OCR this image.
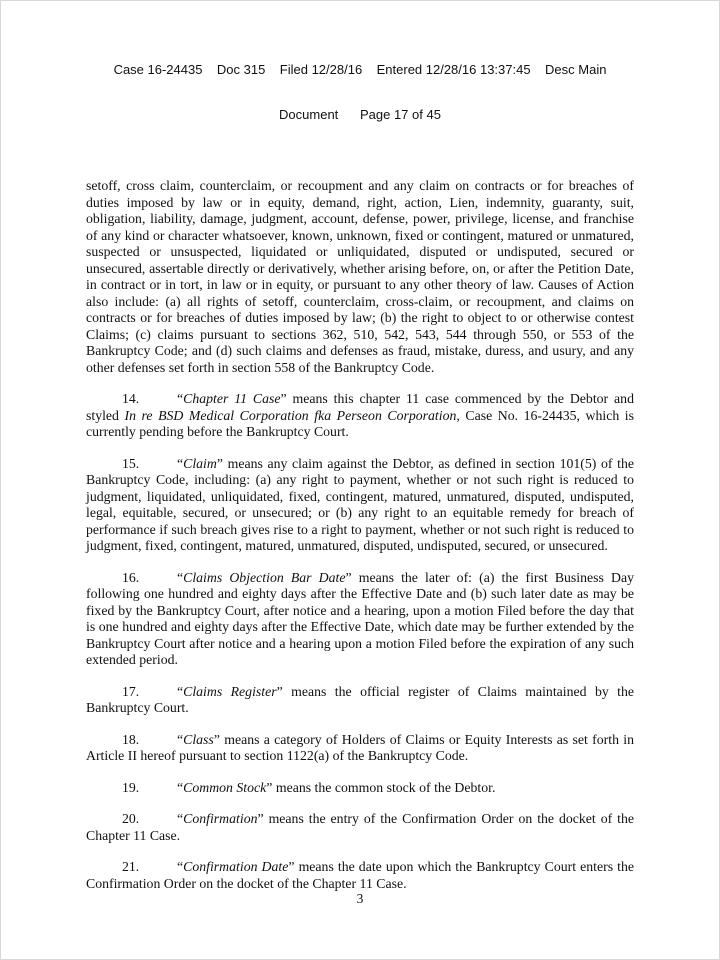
Case 16-24435    Doc 315    Filed 12/28/16    Entered 12/28/16 13:37:45    Desc Main

Document      Page 17 of 45

setoff, cross claim, counterclaim, or recoupment and any claim on contracts or for breaches of duties imposed by law or in equity, demand, right, action, Lien, indemnity, guaranty, suit, obligation, liability, damage, judgment, account, defense, power, privilege, license, and franchise of any kind or character whatsoever, known, unknown, fixed or contingent, matured or unmatured, suspected or unsuspected, liquidated or unliquidated, disputed or undisputed, secured or unsecured, assertable directly or derivatively, whether arising before, on, or after the Petition Date, in contract or in tort, in law or in equity, or pursuant to any other theory of law. Causes of Action also include: (a) all rights of setoff, counterclaim, cross-claim, or recoupment, and claims on contracts or for breaches of duties imposed by law; (b) the right to object to or otherwise contest Claims; (c) claims pursuant to sections 362, 510, 542, 543, 544 through 550, or 553 of the Bankruptcy Code; and (d) such claims and defenses as fraud, mistake, duress, and usury, and any other defenses set forth in section 558 of the Bankruptcy Code.

14.	“Chapter 11 Case” means this chapter 11 case commenced by the Debtor and styled In re BSD Medical Corporation fka Perseon Corporation, Case No. 16-24435, which is currently pending before the Bankruptcy Court.

15.	“Claim” means any claim against the Debtor, as defined in section 101(5) of the Bankruptcy Code, including: (a) any right to payment, whether or not such right is reduced to judgment, liquidated, unliquidated, fixed, contingent, matured, unmatured, disputed, undisputed, legal, equitable, secured, or unsecured; or (b) any right to an equitable remedy for breach of performance if such breach gives rise to a right to payment, whether or not such right is reduced to judgment, fixed, contingent, matured, unmatured, disputed, undisputed, secured, or unsecured.

16.	“Claims Objection Bar Date” means the later of: (a) the first Business Day following one hundred and eighty days after the Effective Date and (b) such later date as may be fixed by the Bankruptcy Court, after notice and a hearing, upon a motion Filed before the day that is one hundred and eighty days after the Effective Date, which date may be further extended by the Bankruptcy Court after notice and a hearing upon a motion Filed before the expiration of any such extended period.

17.	“Claims Register” means the official register of Claims maintained by the Bankruptcy Court.

18.	“Class” means a category of Holders of Claims or Equity Interests as set forth in Article II hereof pursuant to section 1122(a) of the Bankruptcy Code.

19.	“Common Stock” means the common stock of the Debtor.

20.	“Confirmation” means the entry of the Confirmation Order on the docket of the Chapter 11 Case.

21.	“Confirmation Date” means the date upon which the Bankruptcy Court enters the Confirmation Order on the docket of the Chapter 11 Case.

3
